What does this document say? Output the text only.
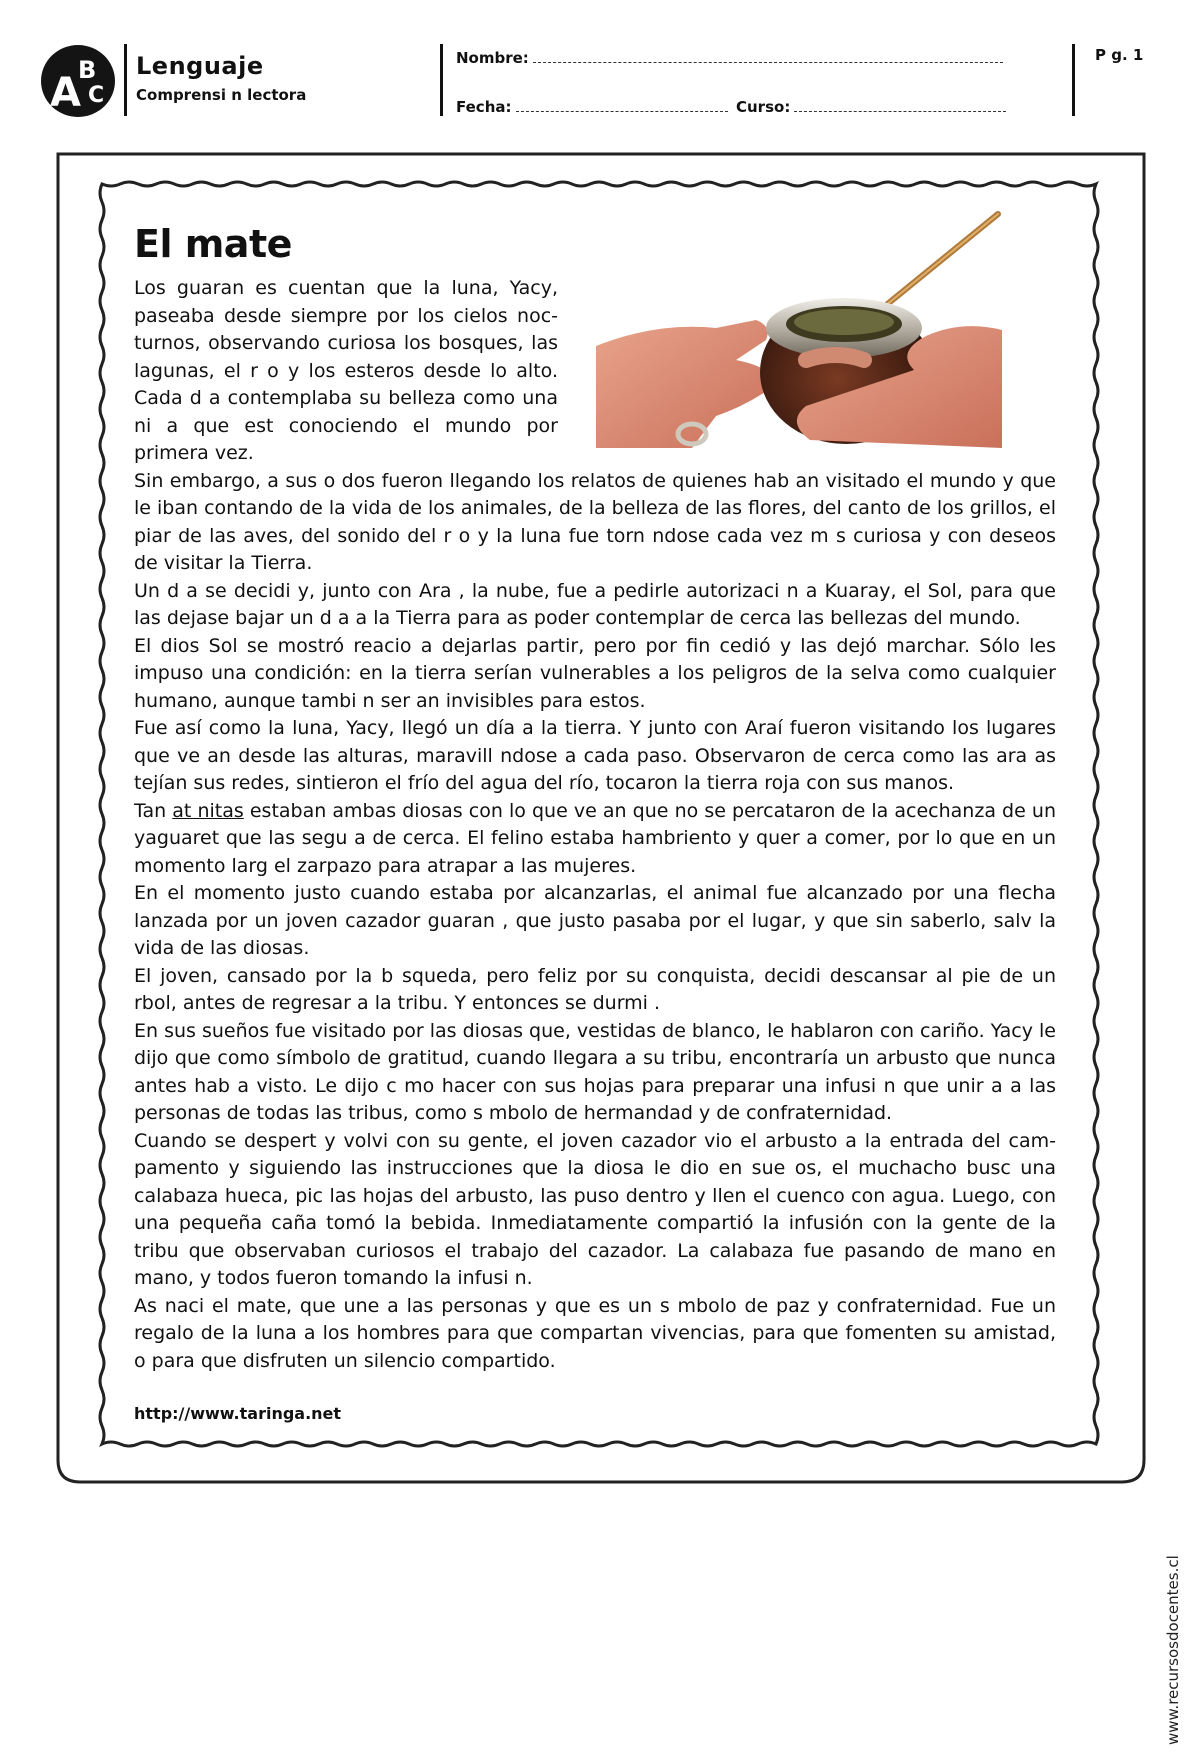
A
B
C
Lenguaje
Comprensi n lectora
Nombre:
Fecha:	Curso:
P g. 1
El mate

Los guaran es cuentan que la luna, Yacy, paseaba desde siempre por los cielos noc-turnos, observando curiosa los bosques, las lagunas, el r o y los esteros desde lo alto. Cada d a contemplaba su belleza como una ni a que est conociendo el mundo por primera vez.

Sin embargo, a sus o dos fueron llegando los relatos de quienes hab an visitado el mundo y que le iban contando de la vida de los animales, de la belleza de las flores, del canto de los grillos, el piar de las aves, del sonido del r o y la luna fue torn ndose cada vez m s curiosa y con deseos de visitar la Tierra.

Un d a se decidi y, junto con Ara , la nube, fue a pedirle autorizaci n a Kuaray, el Sol, para que las dejase bajar un d a a la Tierra para as poder contemplar de cerca las bellezas del mundo.

El dios Sol se mostró reacio a dejarlas partir, pero por fin cedió y las dejó marchar. Sólo les impuso una condición: en la tierra serían vulnerables a los peligros de la selva como cualquier humano, aunque tambi n ser an invisibles para estos.

Fue así como la luna, Yacy, llegó un día a la tierra. Y junto con Araí fueron visitando los lugares que ve an desde las alturas, maravill ndose a cada paso. Observaron de cerca como las ara as tejían sus redes, sintieron el frío del agua del río, tocaron la tierra roja con sus manos.

Tan at nitas estaban ambas diosas con lo que ve an que no se percataron de la acechanza de un yaguaret que las segu a de cerca. El felino estaba hambriento y quer a comer, por lo que en un momento larg el zarpazo para atrapar a las mujeres.

En el momento justo cuando estaba por alcanzarlas, el animal fue alcanzado por una flecha lanzada por un joven cazador guaran , que justo pasaba por el lugar, y que sin saberlo, salv la vida de las diosas.

El joven, cansado por la b squeda, pero feliz por su conquista, decidi descansar al pie de un rbol, antes de regresar a la tribu. Y entonces se durmi .

En sus sueños fue visitado por las diosas que, vestidas de blanco, le hablaron con cariño. Yacy le dijo que como símbolo de gratitud, cuando llegara a su tribu, encontraría un arbusto que nunca antes hab a visto. Le dijo c mo hacer con sus hojas para preparar una infusi n que unir a a las personas de todas las tribus, como s mbolo de hermandad y de confraternidad.

Cuando se despert y volvi con su gente, el joven cazador vio el arbusto a la entrada del cam-pamento y siguiendo las instrucciones que la diosa le dio en sue os, el muchacho busc una calabaza hueca, pic las hojas del arbusto, las puso dentro y llen el cuenco con agua. Luego, con una pequeña caña tomó la bebida. Inmediatamente compartió la infusión con la gente de la tribu que observaban curiosos el trabajo del cazador. La calabaza fue pasando de mano en mano, y todos fueron tomando la infusi n.

As naci el mate, que une a las personas y que es un s mbolo de paz y confraternidad. Fue un regalo de la luna a los hombres para que compartan vivencias, para que fomenten su amistad, o para que disfruten un silencio compartido.

http://www.taringa.net
www.recursosdocentes.cl
